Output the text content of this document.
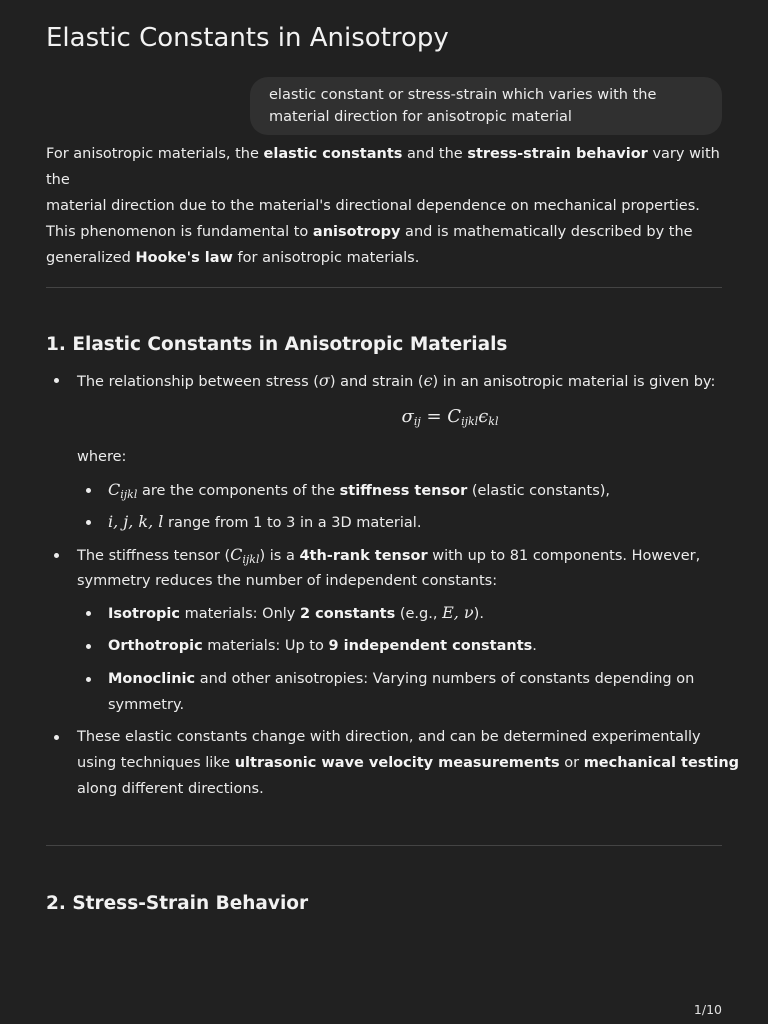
Elastic Constants in Anisotropy
elastic constant or stress-strain which varies with the material direction for anisotropic material

For anisotropic materials, the elastic constants and the stress-strain behavior vary with the
material direction due to the material's directional dependence on mechanical properties.
This phenomenon is fundamental to anisotropy and is mathematically described by the
generalized Hooke's law for anisotropic materials.

1. Elastic Constants in Anisotropic Materials
The relationship between stress (σ) and strain (ϵ) in an anisotropic material is given by:
$\sigma_{ij} = C_{ijkl}\epsilon_{kl}$
where:
$C_{ijkl}$ are the components of the stiffness tensor (elastic constants),
i, j, k, l range from 1 to 3 in a 3D material.
The stiffness tensor $(C_{ijkl})$ is a 4th-rank tensor with up to 81 components. However,
symmetry reduces the number of independent constants:
Isotropic materials: Only 2 constants (e.g., E, ν).
Orthotropic materials: Up to 9 independent constants.
Monoclinic and other anisotropies: Varying numbers of constants depending on
symmetry.
These elastic constants change with direction, and can be determined experimentally
using techniques like ultrasonic wave velocity measurements or mechanical testing
along different directions.
2. Stress-Strain Behavior
1/10
